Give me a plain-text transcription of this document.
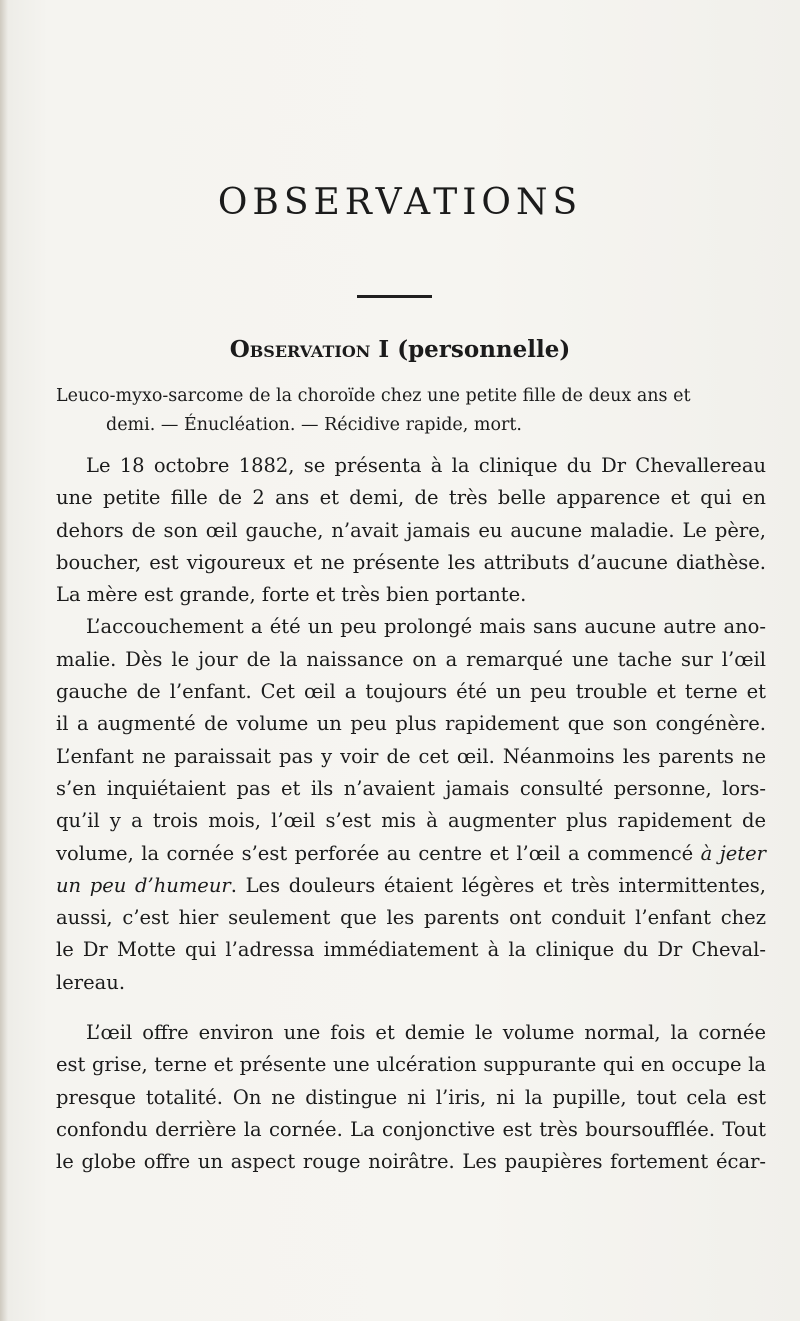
OBSERVATIONS
Observation I (personnelle)
Leuco-myxo-sarcome de la choroïde chez une petite fille de deux ans et
demi. — Énucléation. — Récidive rapide, mort.

Le 18 octobre 1882, se présenta à la clinique du Dr Chevallereau
une petite fille de 2 ans et demi, de très belle apparence et qui en
dehors de son œil gauche, n’avait jamais eu aucune maladie. Le père,
boucher, est vigoureux et ne présente les attributs d’aucune diathèse.
La mère est grande, forte et très bien portante.

L’accouchement a été un peu prolongé mais sans aucune autre ano-
malie. Dès le jour de la naissance on a remarqué une tache sur l’œil
gauche de l’enfant. Cet œil a toujours été un peu trouble et terne et
il a augmenté de volume un peu plus rapidement que son congénère.
L’enfant ne paraissait pas y voir de cet œil. Néanmoins les parents ne
s’en inquiétaient pas et ils n’avaient jamais consulté personne, lors-
qu’il y a trois mois, l’œil s’est mis à augmenter plus rapidement de
volume, la cornée s’est perforée au centre et l’œil a commencé à jeter
un peu d’humeur. Les douleurs étaient légères et très intermittentes,
aussi, c’est hier seulement que les parents ont conduit l’enfant chez
le Dr Motte qui l’adressa immédiatement à la clinique du Dr Cheval-
lereau.

L’œil offre environ une fois et demie le volume normal, la cornée
est grise, terne et présente une ulcération suppurante qui en occupe la
presque totalité. On ne distingue ni l’iris, ni la pupille, tout cela est
confondu derrière la cornée. La conjonctive est très boursoufflée. Tout
le globe offre un aspect rouge noirâtre. Les paupières fortement écar-
